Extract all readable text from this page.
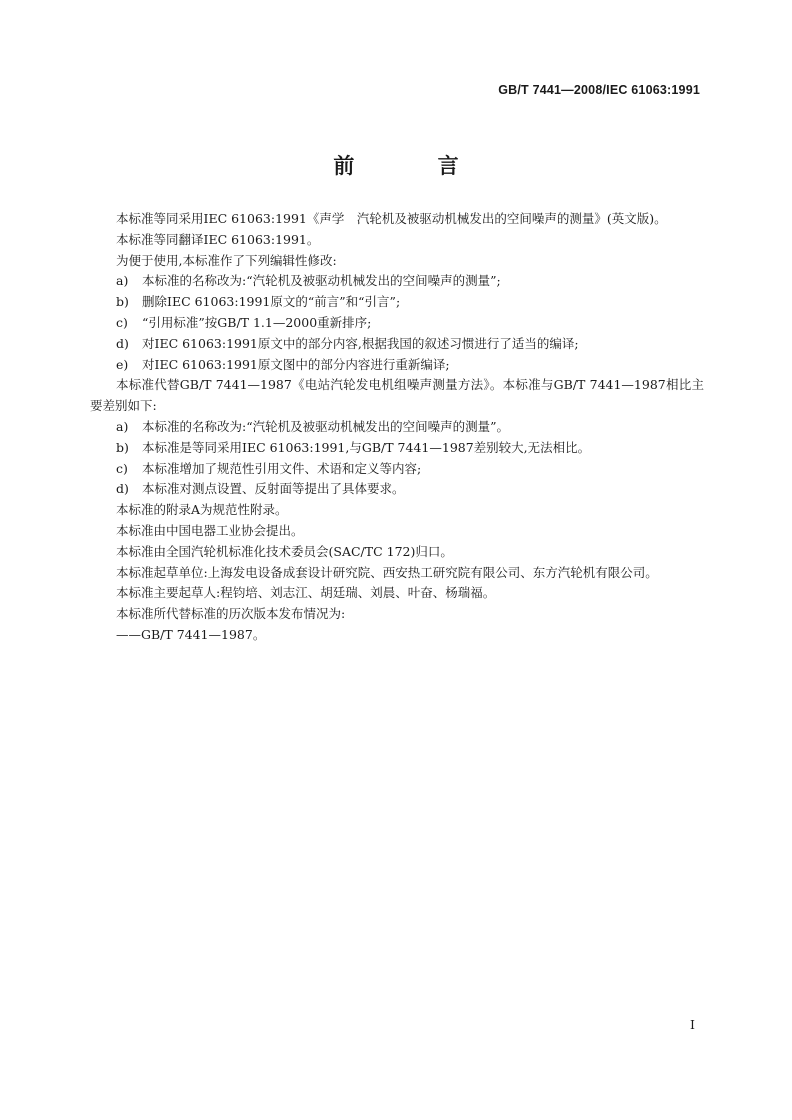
GB/T 7441—2008/IEC 61063:1991
前 言

本标准等同采用IEC 61063:1991《声学　汽轮机及被驱动机械发出的空间噪声的测量》(英文版)。

本标准等同翻译IEC 61063:1991。

为便于使用,本标准作了下列编辑性修改:

a) 本标准的名称改为:“汽轮机及被驱动机械发出的空间噪声的测量”;

b) 删除IEC 61063:1991原文的“前言”和“引言”;

c) “引用标准”按GB/T 1.1—2000重新排序;

d) 对IEC 61063:1991原文中的部分内容,根据我国的叙述习惯进行了适当的编译;

e) 对IEC 61063:1991原文图中的部分内容进行重新编译;

本标准代替GB/T 7441—1987《电站汽轮发电机组噪声测量方法》。本标准与GB/T 7441—1987相比主要差别如下:

a) 本标准的名称改为:“汽轮机及被驱动机械发出的空间噪声的测量”。

b) 本标准是等同采用IEC 61063:1991,与GB/T 7441—1987差别较大,无法相比。

c) 本标准增加了规范性引用文件、术语和定义等内容;

d) 本标准对测点设置、反射面等提出了具体要求。

本标准的附录A为规范性附录。

本标准由中国电器工业协会提出。

本标准由全国汽轮机标准化技术委员会(SAC/TC 172)归口。

本标准起草单位:上海发电设备成套设计研究院、西安热工研究院有限公司、东方汽轮机有限公司。

本标准主要起草人:程钧培、刘志江、胡廷瑞、刘晨、叶奋、杨瑞福。

本标准所代替标准的历次版本发布情况为:

——GB/T 7441—1987。

I
